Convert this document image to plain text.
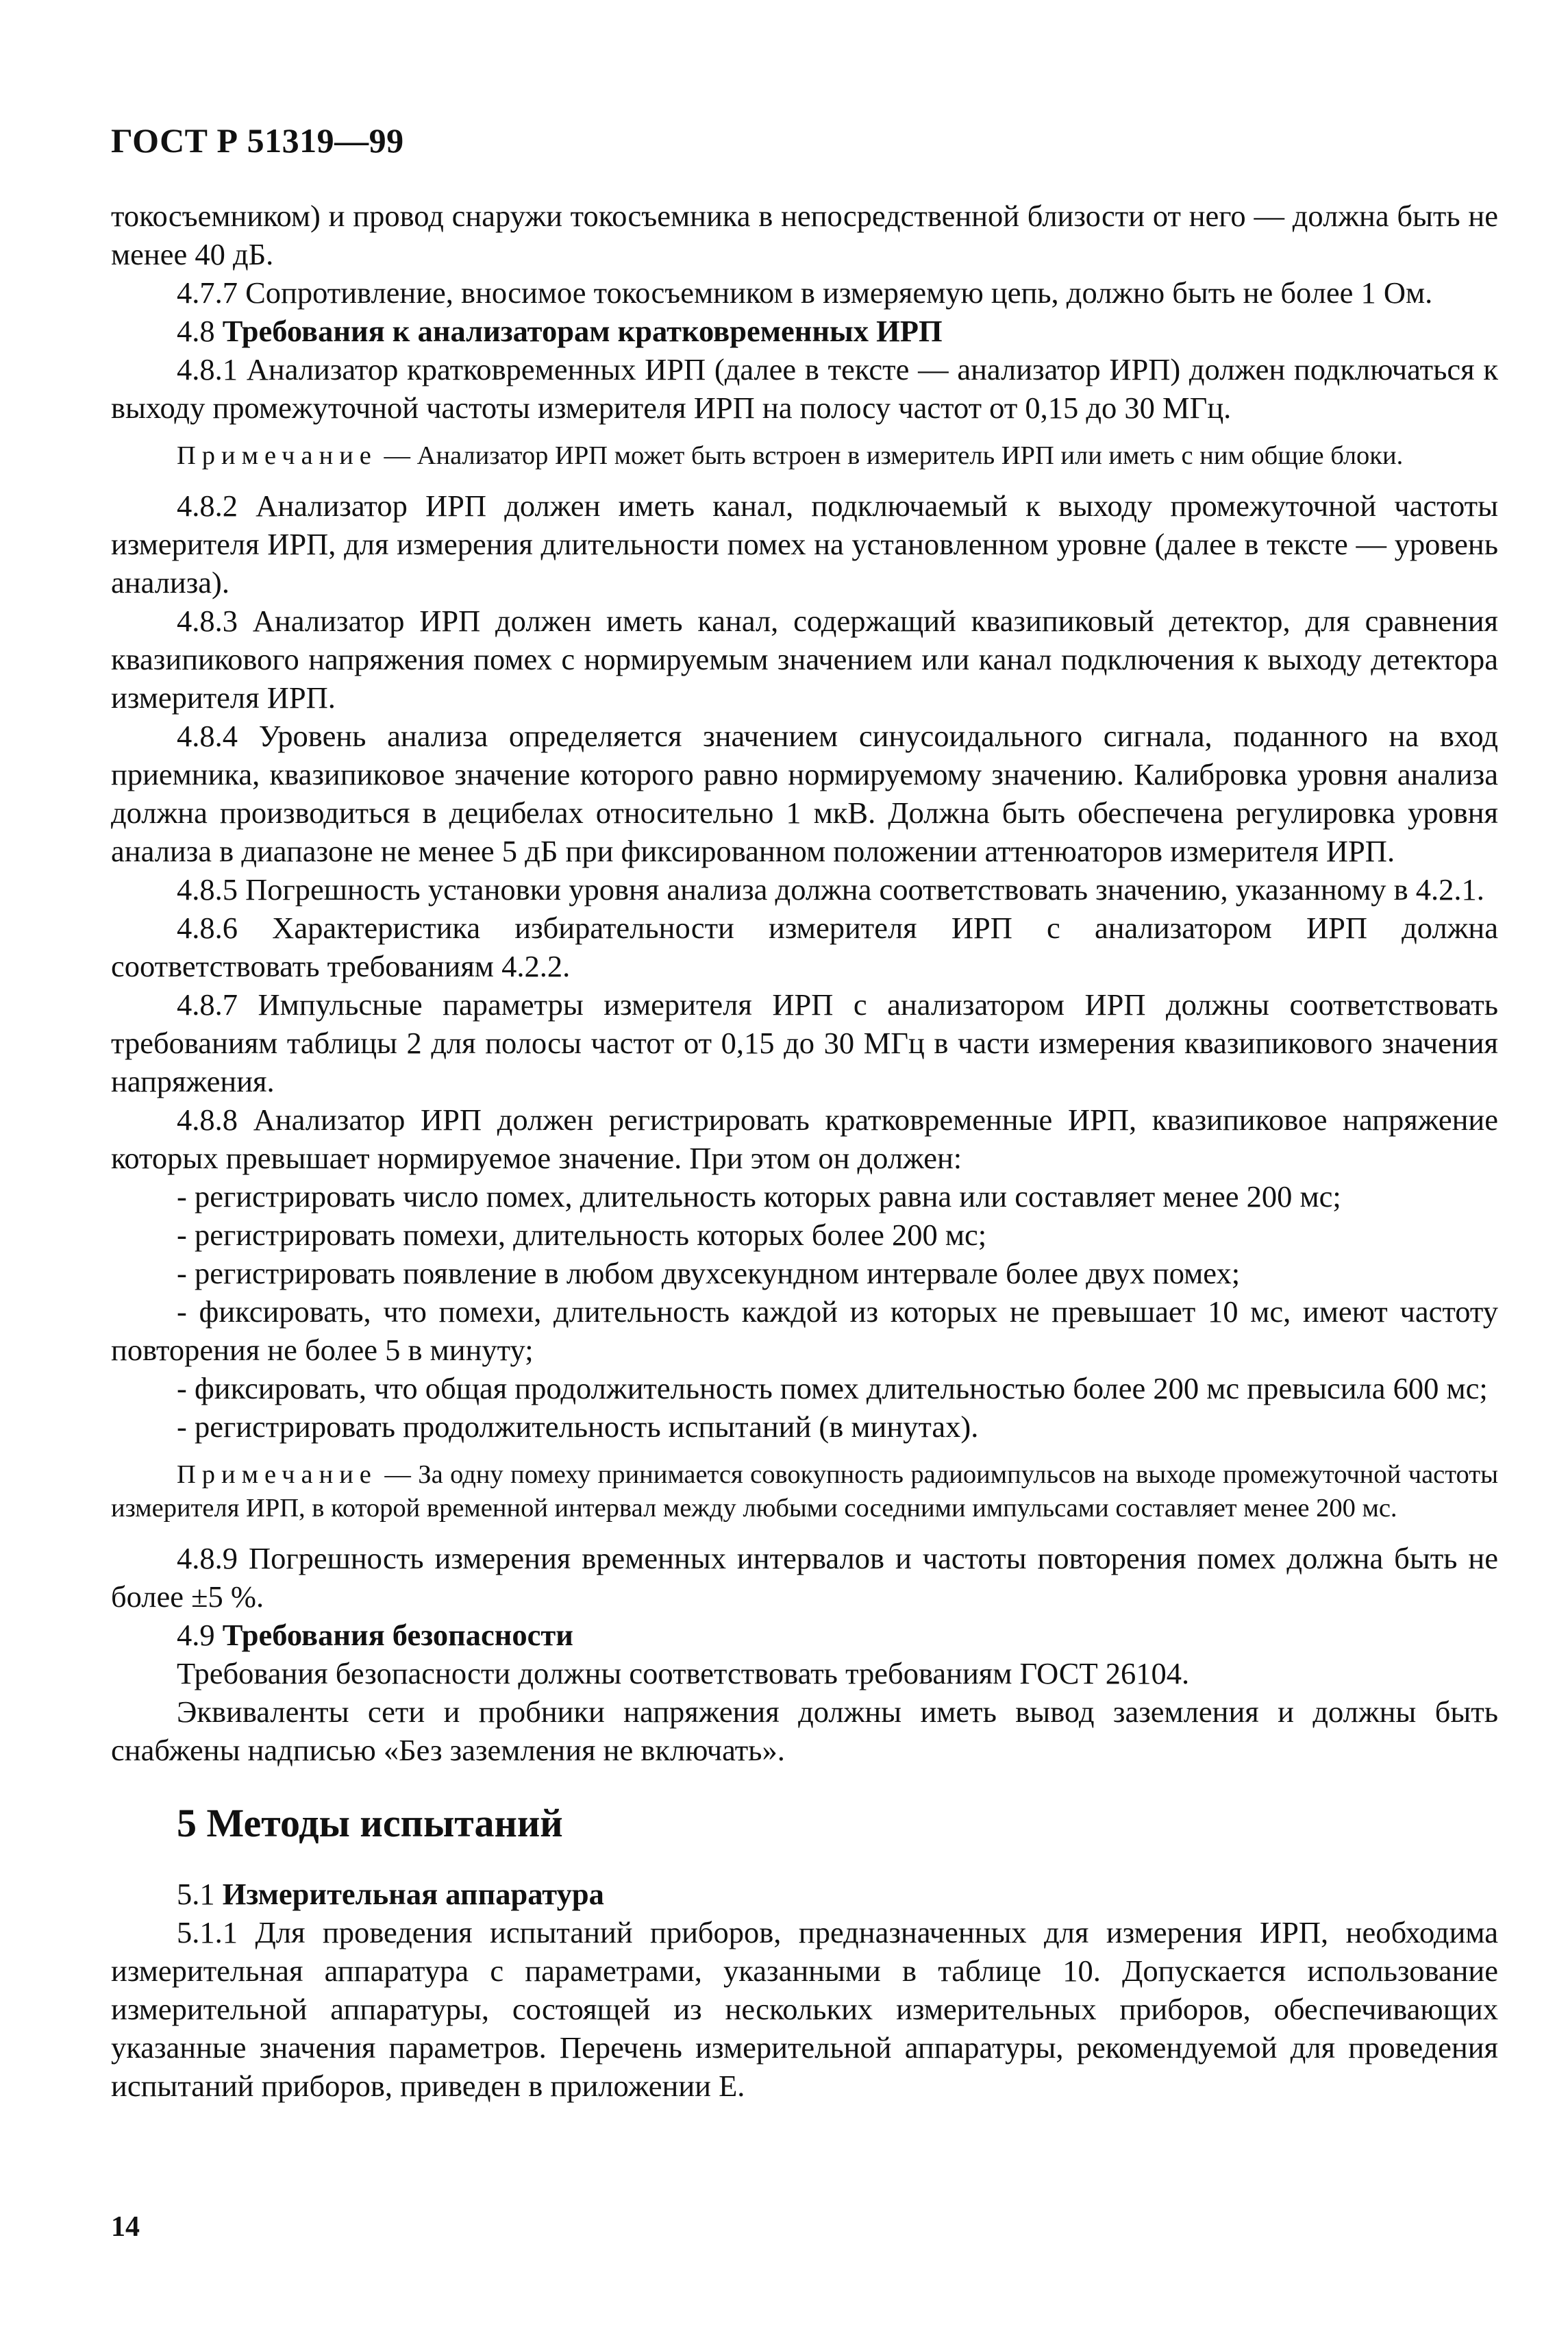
ГОСТ Р 51319—99

токосъемником) и провод снаружи токосъемника в непосредственной близости от него — должна быть не менее 40 дБ.

4.7.7 Сопротивление, вносимое токосъемником в измеряемую цепь, должно быть не более 1 Ом.

4.8 Требования к анализаторам кратковременных ИРП

4.8.1 Анализатор кратковременных ИРП (далее в тексте — анализатор ИРП) должен подключаться к выходу промежуточной частоты измерителя ИРП на полосу частот от 0,15 до 30 МГц.

Примечание — Анализатор ИРП может быть встроен в измеритель ИРП или иметь с ним общие блоки.

4.8.2 Анализатор ИРП должен иметь канал, подключаемый к выходу промежуточной частоты измерителя ИРП, для измерения длительности помех на установленном уровне (далее в тексте — уровень анализа).

4.8.3 Анализатор ИРП должен иметь канал, содержащий квазипиковый детектор, для сравнения квазипикового напряжения помех с нормируемым значением или канал подключения к выходу детектора измерителя ИРП.

4.8.4 Уровень анализа определяется значением синусоидального сигнала, поданного на вход приемника, квазипиковое значение которого равно нормируемому значению. Калибровка уровня анализа должна производиться в децибелах относительно 1 мкВ. Должна быть обеспечена регулировка уровня анализа в диапазоне не менее 5 дБ при фиксированном положении аттенюаторов измерителя ИРП.

4.8.5 Погрешность установки уровня анализа должна соответствовать значению, указанному в 4.2.1.

4.8.6 Характеристика избирательности измерителя ИРП с анализатором ИРП должна соответствовать требованиям 4.2.2.

4.8.7 Импульсные параметры измерителя ИРП с анализатором ИРП должны соответствовать требованиям таблицы 2 для полосы частот от 0,15 до 30 МГц в части измерения квазипикового значения напряжения.

4.8.8 Анализатор ИРП должен регистрировать кратковременные ИРП, квазипиковое напряжение которых превышает нормируемое значение. При этом он должен:

- регистрировать число помех, длительность которых равна или составляет менее 200 мс;

- регистрировать помехи, длительность которых более 200 мс;

- регистрировать появление в любом двухсекундном интервале более двух помех;

- фиксировать, что помехи, длительность каждой из которых не превышает 10 мс, имеют частоту повторения не более 5 в минуту;

- фиксировать, что общая продолжительность помех длительностью более 200 мс превысила 600 мс;

- регистрировать продолжительность испытаний (в минутах).

Примечание — За одну помеху принимается совокупность радиоимпульсов на выходе промежуточной частоты измерителя ИРП, в которой временной интервал между любыми соседними импульсами составляет менее 200 мс.

4.8.9 Погрешность измерения временных интервалов и частоты повторения помех должна быть не более ±5 %.

4.9 Требования безопасности

Требования безопасности должны соответствовать требованиям ГОСТ 26104.

Эквиваленты сети и пробники напряжения должны иметь вывод заземления и должны быть снабжены надписью «Без заземления не включать».

5 Методы испытаний

5.1 Измерительная аппаратура

5.1.1 Для проведения испытаний приборов, предназначенных для измерения ИРП, необходима измерительная аппаратура с параметрами, указанными в таблице 10. Допускается использование измерительной аппаратуры, состоящей из нескольких измерительных приборов, обеспечивающих указанные значения параметров. Перечень измерительной аппаратуры, рекомендуемой для проведения испытаний приборов, приведен в приложении Е.

14
